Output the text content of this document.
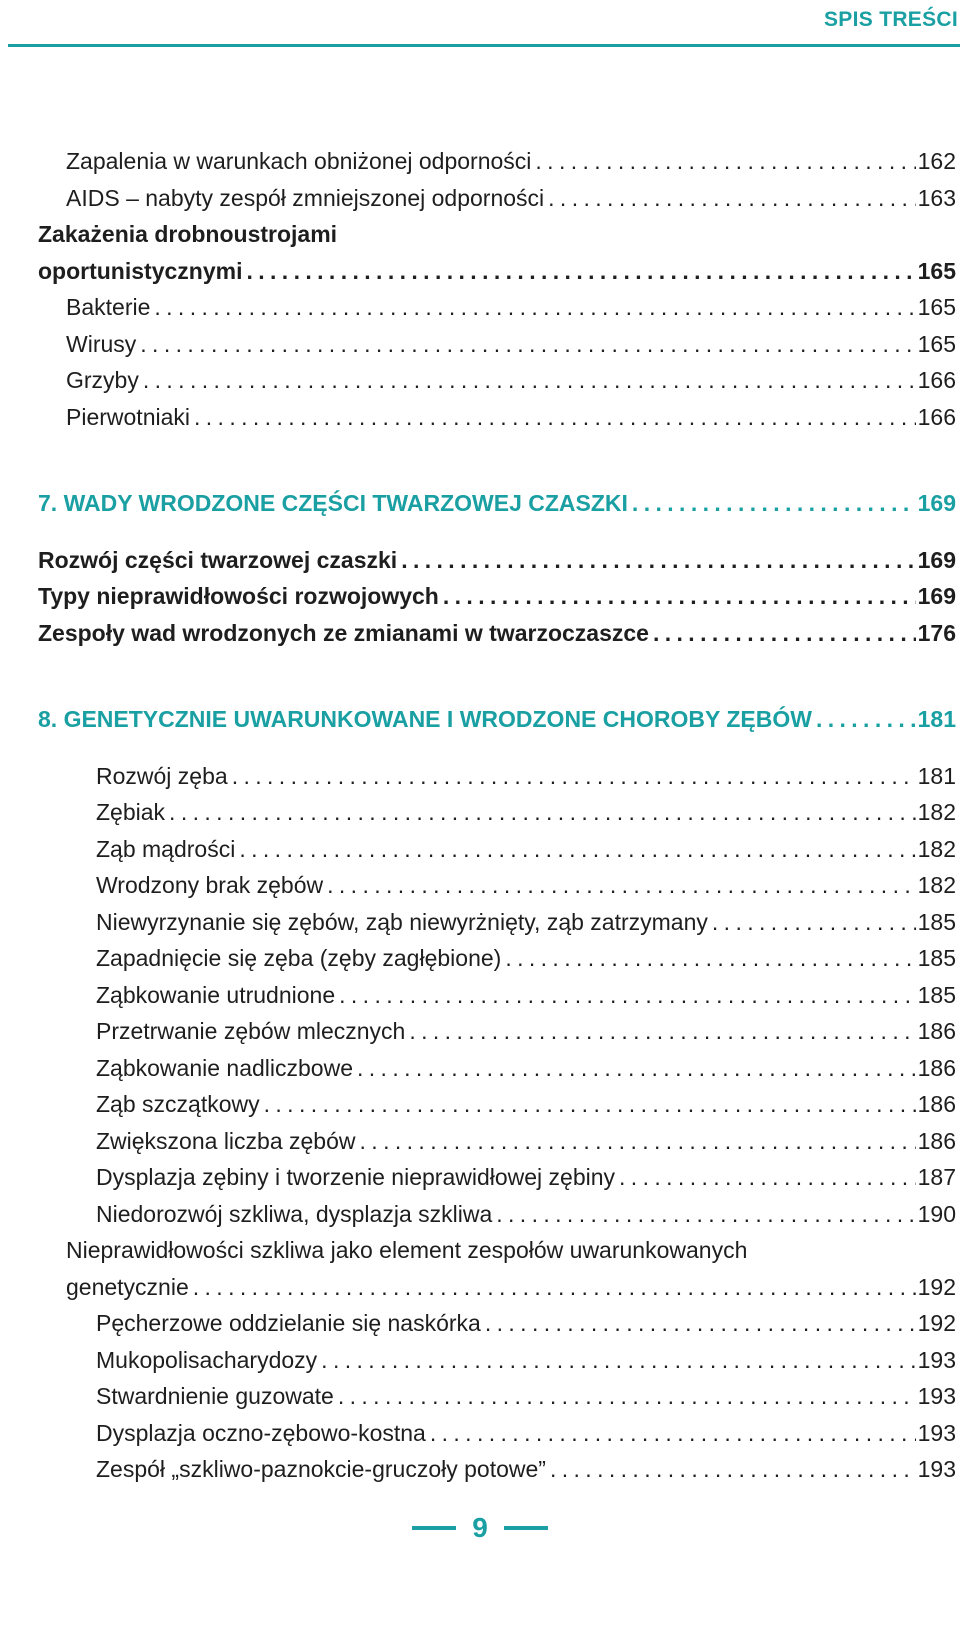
SPIS TREŚCI
Zapalenia w warunkach obniżonej odporności . . .	162
AIDS – nabyty zespół zmniejszonej odporności . . .	163
Zakażenia drobnoustrojami
oportunistycznymi . . .	165
Bakterie . . .	165
Wirusy . . .	165
Grzyby . . .	166
Pierwotniaki . . .	166
7. WADY WRODZONE CZĘŚCI TWARZOWEJ CZASZKI . . .	169
Rozwój części twarzowej czaszki . . .	169
Typy nieprawidłowości rozwojowych . . .	169
Zespoły wad wrodzonych ze zmianami w twarzoczaszce . . .	176
8. GENETYCZNIE UWARUNKOWANE I WRODZONE CHOROBY ZĘBÓW . . .	181
Rozwój zęba . . .	181
Zębiak . . .	182
Ząb mądrości . . .	182
Wrodzony brak zębów . . .	182
Niewyrzynanie się zębów, ząb niewyrżnięty, ząb zatrzymany . . .	185
Zapadnięcie się zęba (zęby zagłębione) . . .	185
Ząbkowanie utrudnione . . .	185
Przetrwanie zębów mlecznych . . .	186
Ząbkowanie nadliczbowe . . .	186
Ząb szczątkowy . . .	186
Zwiększona liczba zębów . . .	186
Dysplazja zębiny i tworzenie nieprawidłowej zębiny . . .	187
Niedorozwój szkliwa, dysplazja szkliwa . . .	190
Nieprawidłowości szkliwa jako element zespołów uwarunkowanych
genetycznie . . .	192
Pęcherzowe oddzielanie się naskórka . . .	192
Mukopolisacharydozy . . .	193
Stwardnienie guzowate . . .	193
Dysplazja oczno-zębowo-kostna . . .	193
Zespół „szkliwo-paznokcie-gruczoły potowe” . . .	193
9
